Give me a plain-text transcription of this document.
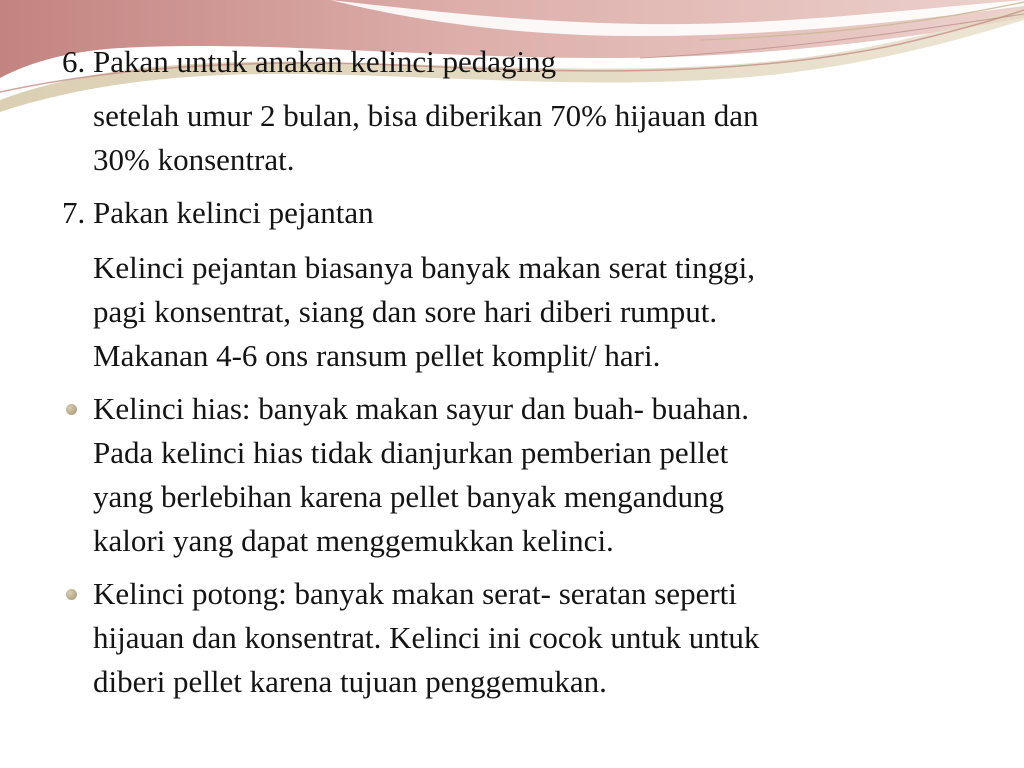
6. Pakan untuk anakan kelinci pedaging
setelah umur 2 bulan, bisa diberikan 70% hijauan dan
30% konsentrat.
7. Pakan kelinci pejantan
Kelinci pejantan biasanya banyak makan serat tinggi,
pagi konsentrat, siang dan sore hari diberi rumput.
Makanan 4-6 ons ransum pellet komplit/ hari.
Kelinci hias: banyak makan sayur dan buah- buahan.
Pada kelinci hias tidak dianjurkan pemberian pellet
yang berlebihan karena pellet banyak mengandung
kalori yang dapat menggemukkan kelinci.
Kelinci potong: banyak makan serat- seratan seperti
hijauan dan konsentrat. Kelinci ini cocok untuk untuk
diberi pellet karena tujuan penggemukan.
